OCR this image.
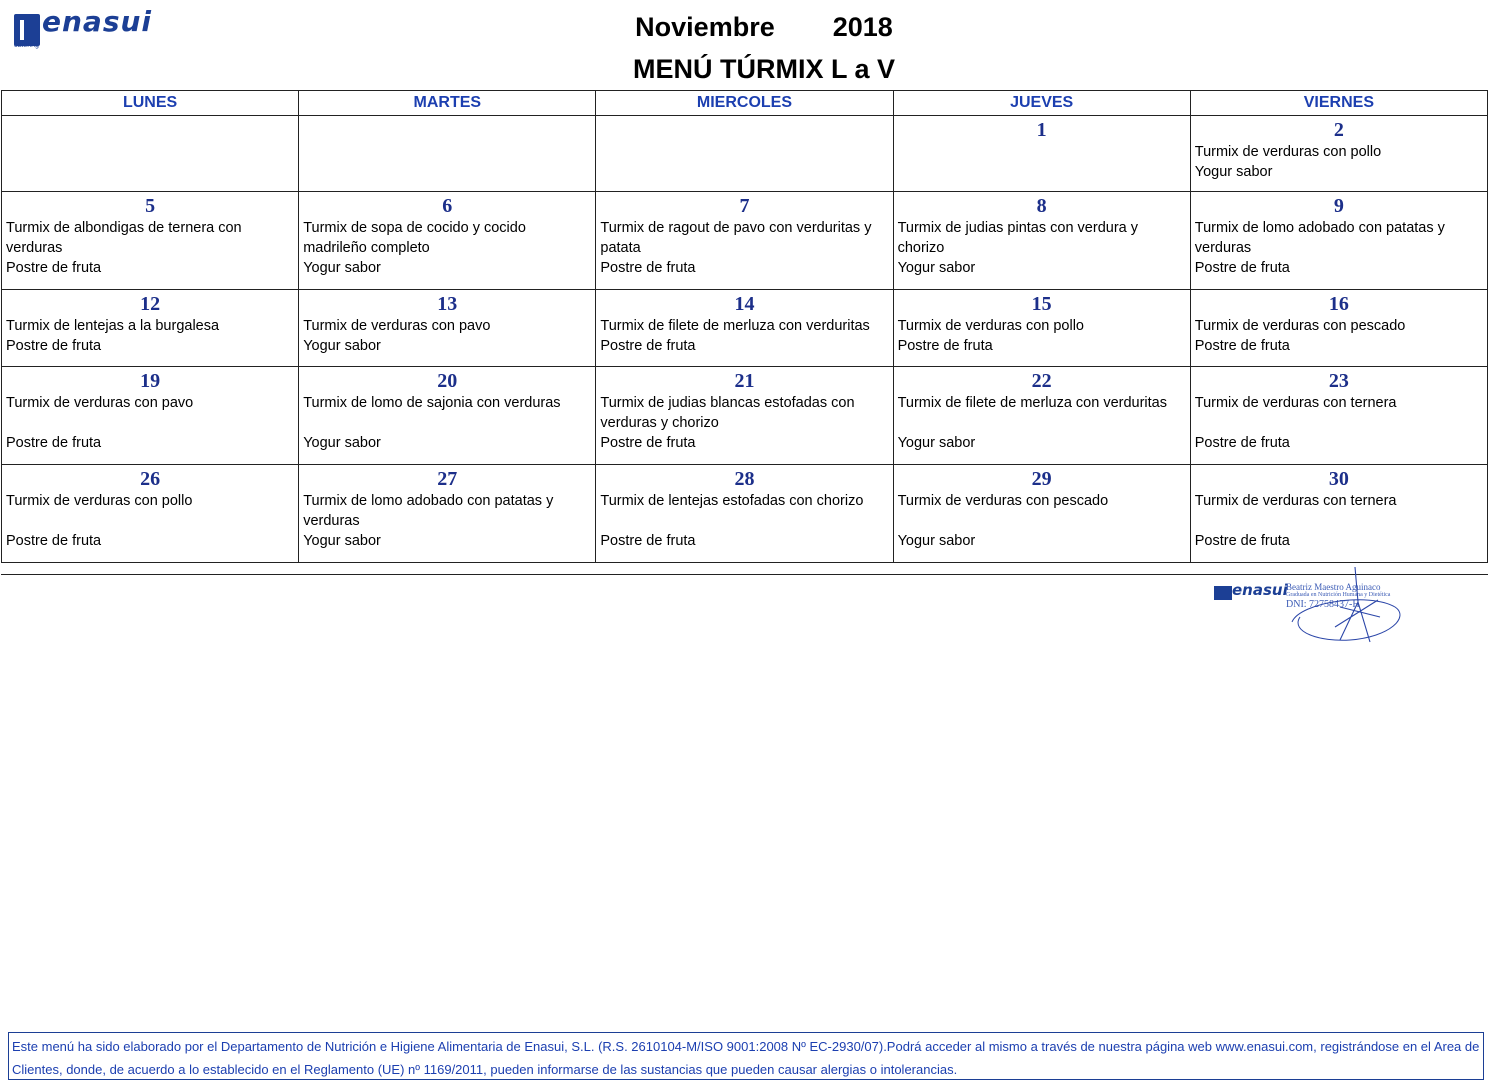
enasui
catering
Noviembre 2018
MENÚ TÚRMIX L a V
LUNES	MARTES	MIERCOLES	JUEVES	VIERNES

			1	2
Turmix de verduras con pollo
Yogur sabor

5
Turmix de albondigas de ternera con verduras
Postre de fruta	6
Turmix de sopa de cocido y cocido madrileño completo
Yogur sabor	7
Turmix de ragout de pavo con verduritas y patata
Postre de fruta	8
Turmix de judias pintas con verdura y chorizo
Yogur sabor	9
Turmix de lomo adobado con patatas y verduras
Postre de fruta

12
Turmix de lentejas a la burgalesa
Postre de fruta	13
Turmix de verduras con pavo
Yogur sabor	14
Turmix de filete de merluza con verduritas
Postre de fruta	15
Turmix de verduras con pollo
Postre de fruta	16
Turmix de verduras con pescado
Postre de fruta

19
Turmix de verduras con pavo
Postre de fruta	20
Turmix de lomo de sajonia con verduras
Yogur sabor	21
Turmix de judias blancas estofadas con verduras y chorizo
Postre de fruta	22
Turmix de filete de merluza con verduritas
Yogur sabor	23
Turmix de verduras con ternera
Postre de fruta

26
Turmix de verduras con pollo
Postre de fruta	27
Turmix de lomo adobado con patatas y verduras
Yogur sabor	28
Turmix de lentejas estofadas con chorizo
Postre de fruta	29
Turmix de verduras con pescado
Yogur sabor	30
Turmix de verduras con ternera
Postre de fruta
enasui
Beatriz Maestro Aguinaco
Graduada en Nutrición Humana y Dietética
DNI: 72758437-H
Este menú ha sido elaborado por el Departamento de Nutrición e Higiene Alimentaria de Enasui, S.L. (R.S. 2610104-M/ISO 9001:2008 Nº EC-2930/07).Podrá acceder al mismo a través de nuestra página web www.enasui.com, registrándose en el Area de Clientes, donde, de acuerdo a lo establecido en el Reglamento (UE) nº 1169/2011, pueden informarse de las sustancias que pueden causar alergias o intolerancias.
